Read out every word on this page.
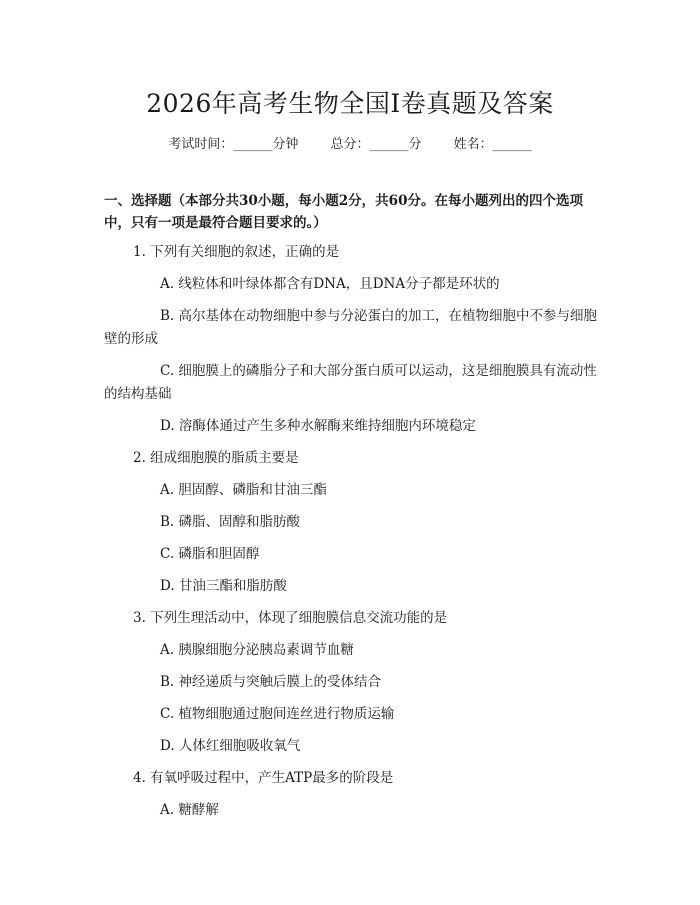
2026年高考生物全国Ⅰ卷真题及答案
考试时间：______分钟 总分：______分 姓名：______

一、选择题（本部分共30小题，每小题2分，共60分。在每小题列出的四个选项中，只有一项是最符合题目要求的。）

1. 下列有关细胞的叙述，正确的是

A. 线粒体和叶绿体都含有DNA，且DNA分子都是环状的

B. 高尔基体在动物细胞中参与分泌蛋白的加工，在植物细胞中不参与细胞壁的形成

C. 细胞膜上的磷脂分子和大部分蛋白质可以运动，这是细胞膜具有流动性的结构基础

D. 溶酶体通过产生多种水解酶来维持细胞内环境稳定

2. 组成细胞膜的脂质主要是

A. 胆固醇、磷脂和甘油三酯

B. 磷脂、固醇和脂肪酸

C. 磷脂和胆固醇

D. 甘油三酯和脂肪酸

3. 下列生理活动中，体现了细胞膜信息交流功能的是

A. 胰腺细胞分泌胰岛素调节血糖

B. 神经递质与突触后膜上的受体结合

C. 植物细胞通过胞间连丝进行物质运输

D. 人体红细胞吸收氧气

4. 有氧呼吸过程中，产生ATP最多的阶段是

A. 糖酵解
